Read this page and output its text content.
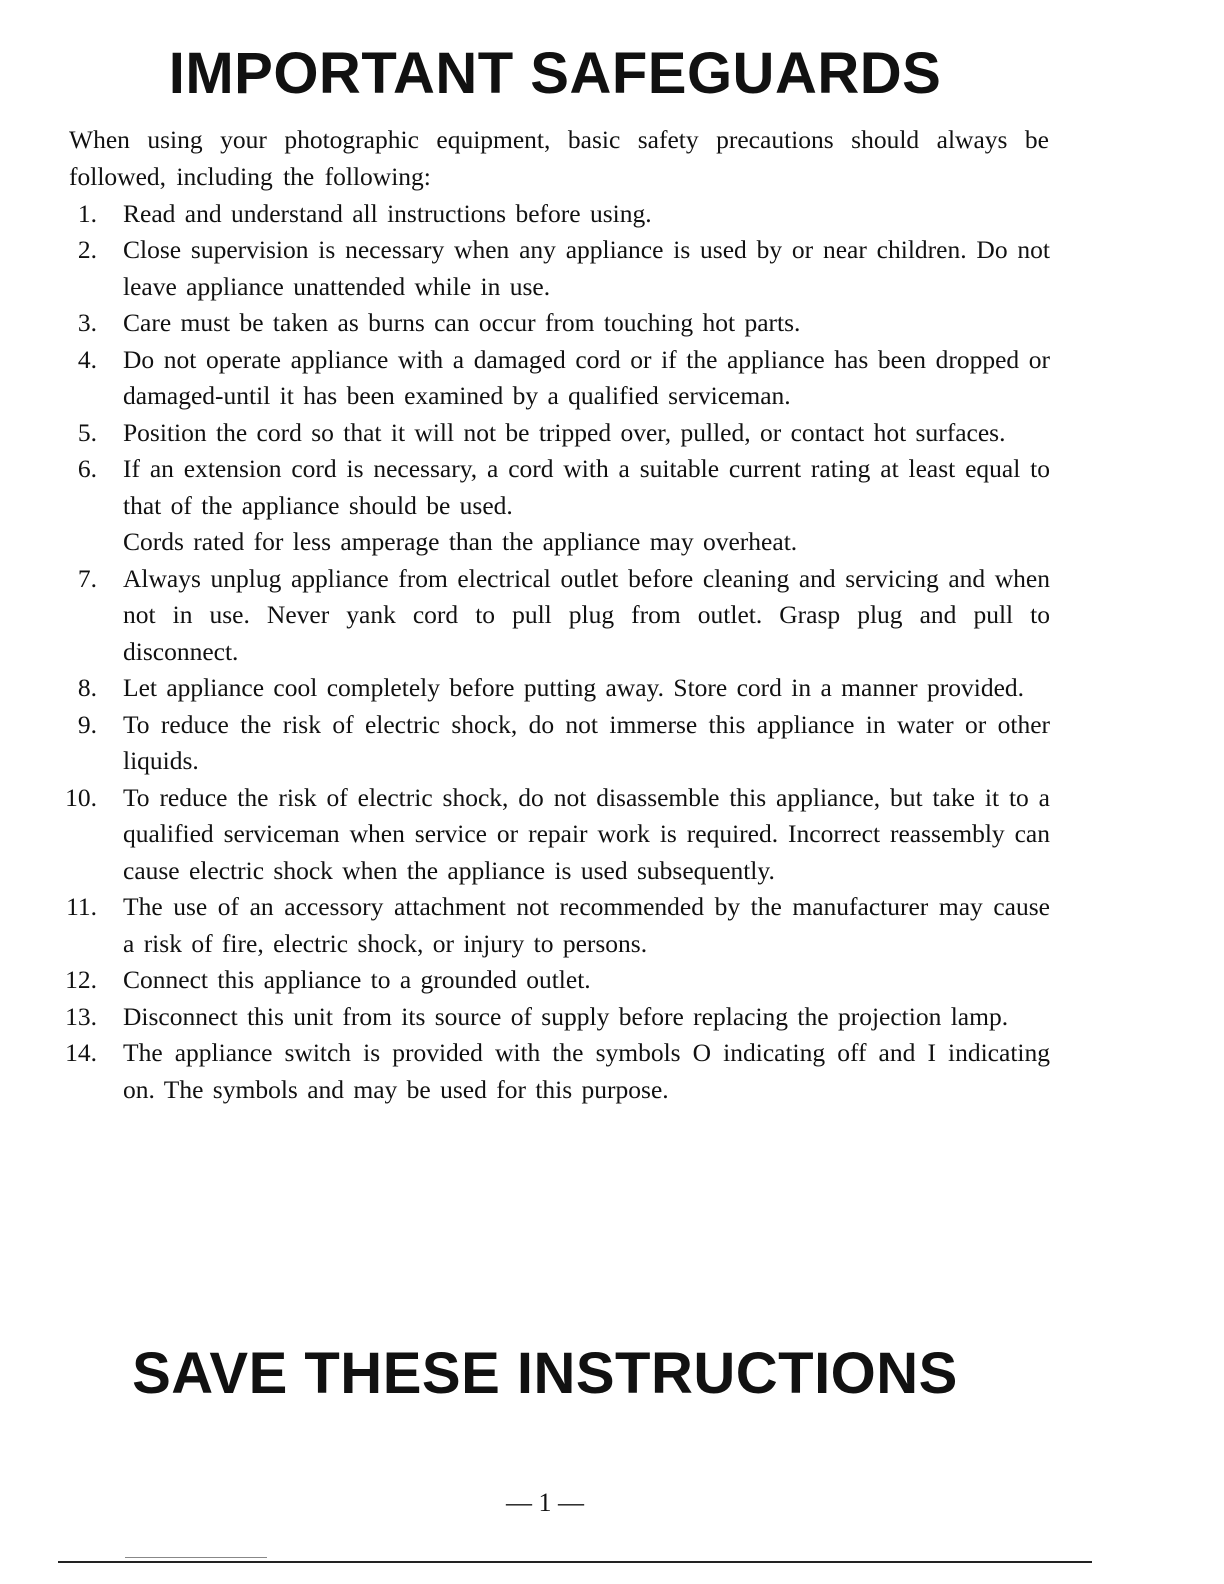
IMPORTANT SAFEGUARDS

When using your photographic equipment, basic safety precautions should always be followed, including the following:

1. Read and understand all instructions before using.
2. Close supervision is necessary when any appliance is used by or near children. Do not leave appliance unattended while in use.
3. Care must be taken as burns can occur from touching hot parts.
4. Do not operate appliance with a damaged cord or if the appliance has been dropped or damaged-until it has been examined by a qualified serviceman.
5. Position the cord so that it will not be tripped over, pulled, or contact hot surfaces.
6. If an extension cord is necessary, a cord with a suitable current rating at least equal to that of the appliance should be used.
Cords rated for less amperage than the appliance may overheat.
7. Always unplug appliance from electrical outlet before cleaning and servicing and when not in use. Never yank cord to pull plug from outlet. Grasp plug and pull to disconnect.
8. Let appliance cool completely before putting away. Store cord in a manner provided.
9. To reduce the risk of electric shock, do not immerse this appliance in water or other liquids.
10. To reduce the risk of electric shock, do not disassemble this appliance, but take it to a qualified serviceman when service or repair work is required. Incorrect reassembly can cause electric shock when the appliance is used subsequently.
11. The use of an accessory attachment not recommended by the manufacturer may cause a risk of fire, electric shock, or injury to persons.
12. Connect this appliance to a grounded outlet.
13. Disconnect this unit from its source of supply before replacing the projection lamp.
14. The appliance switch is provided with the symbols O indicating off and I indicating on. The symbols and may be used for this purpose.
SAVE THESE INSTRUCTIONS
— 1 —
